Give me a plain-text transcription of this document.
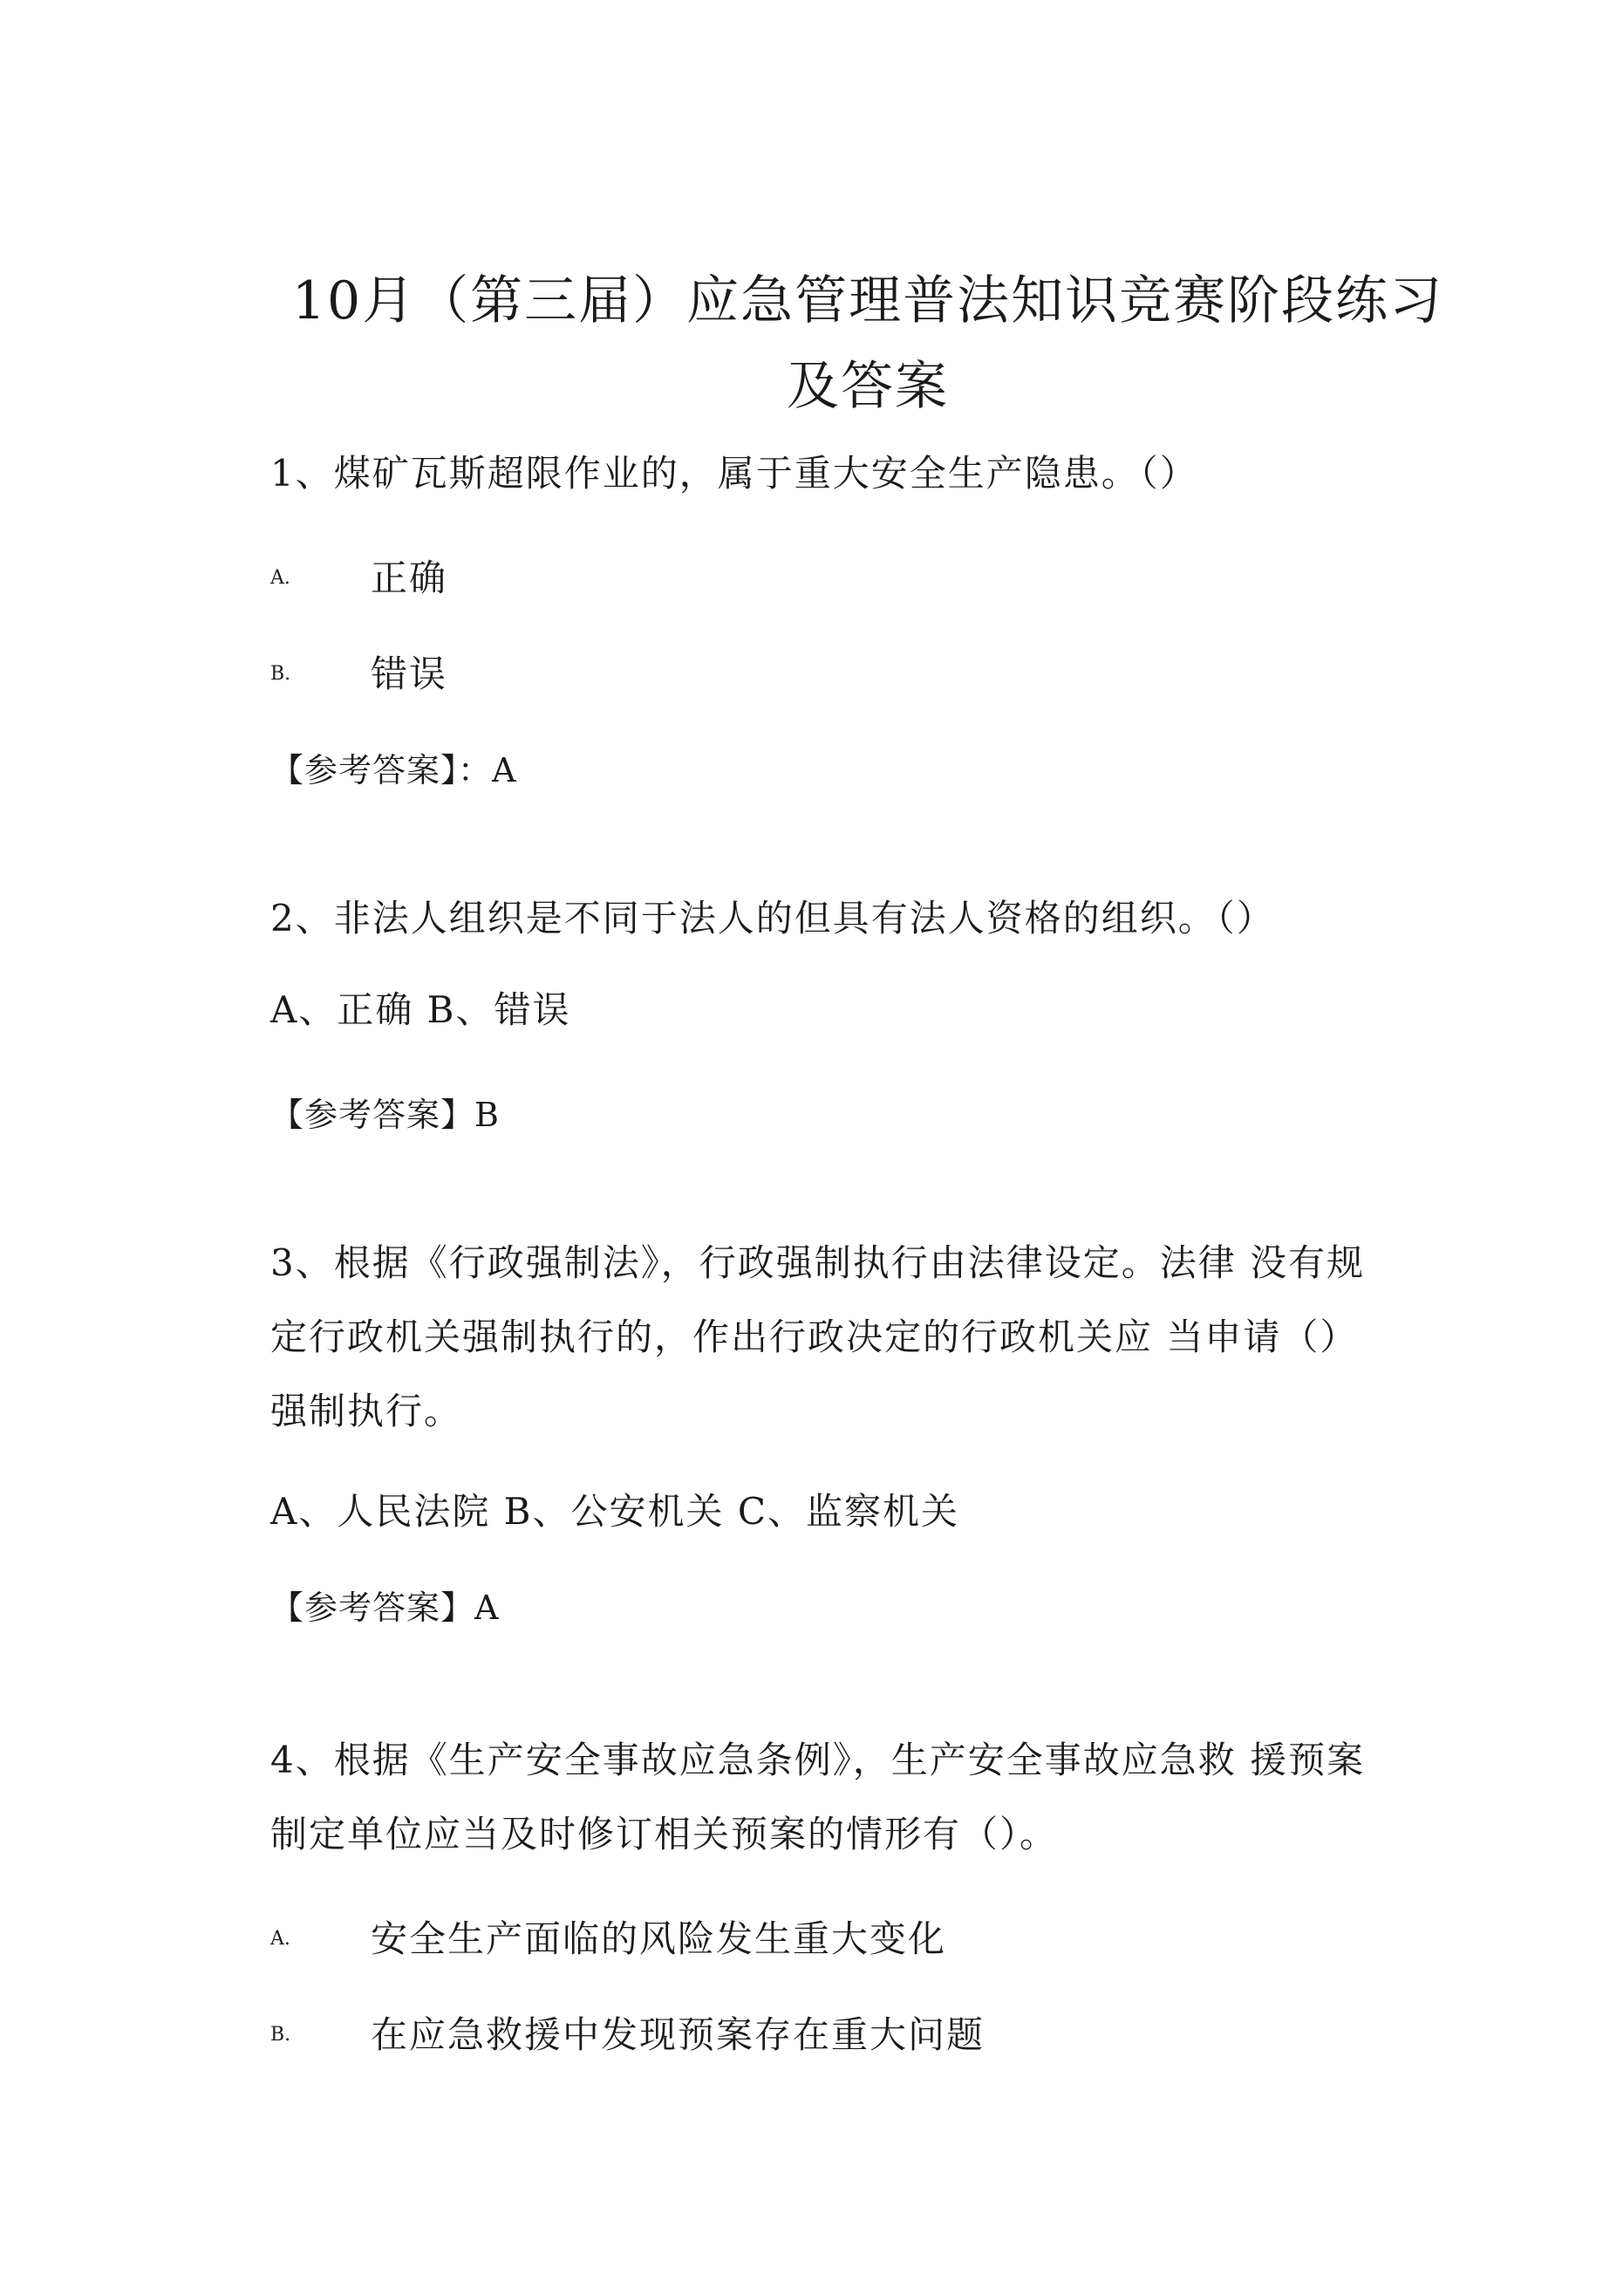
10月（第三届）应急管理普法知识竞赛阶段练习
及答案
1、煤矿瓦斯超限作业的，属于重大安全生产隐患。（）
A. 正确
B. 错误
【参考答案】：A
2、非法人组织是不同于法人的但具有法人资格的组织。（）
A、正确 B、错误
【参考答案】B
3、根据《行政强制法》，行政强制执行由法律设定。法律 没有规
定行政机关强制执行的，作出行政决定的行政机关应 当申请（）
强制执行。
A、人民法院 B、公安机关 C、监察机关
【参考答案】A
4、根据《生产安全事故应急条例》，生产安全事故应急救 援预案
制定单位应当及时修订相关预案的情形有（）。
A. 安全生产面临的风险发生重大变化
B. 在应急救援中发现预案存在重大问题
